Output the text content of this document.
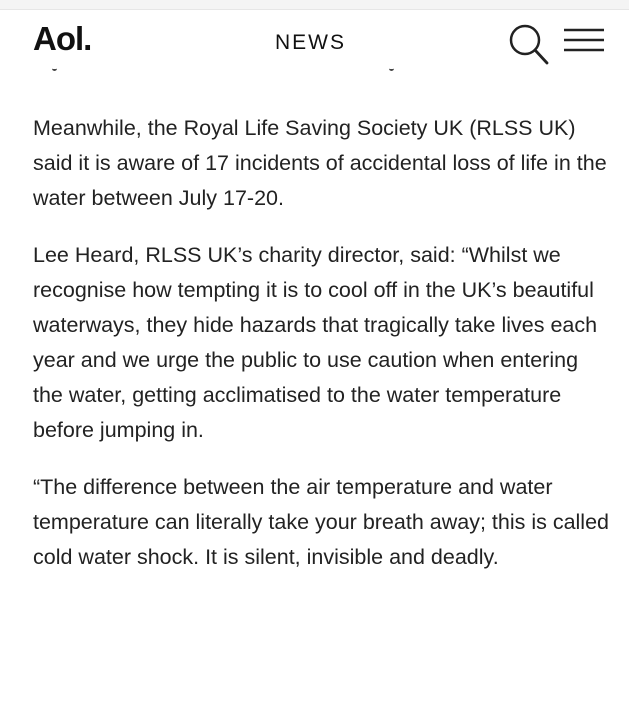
Aol.	NEWS

Meanwhile, the Royal Life Saving Society UK (RLSS UK) said it is aware of 17 incidents of accidental loss of life in the water between July 17-20.

Lee Heard, RLSS UK’s charity director, said: “Whilst we recognise how tempting it is to cool off in the UK’s beautiful waterways, they hide hazards that tragically take lives each year and we urge the public to use caution when entering the water, getting acclimatised to the water temperature before jumping in.

“The difference between the air temperature and water temperature can literally take your breath away; this is called cold water shock. It is silent, invisible and deadly.
